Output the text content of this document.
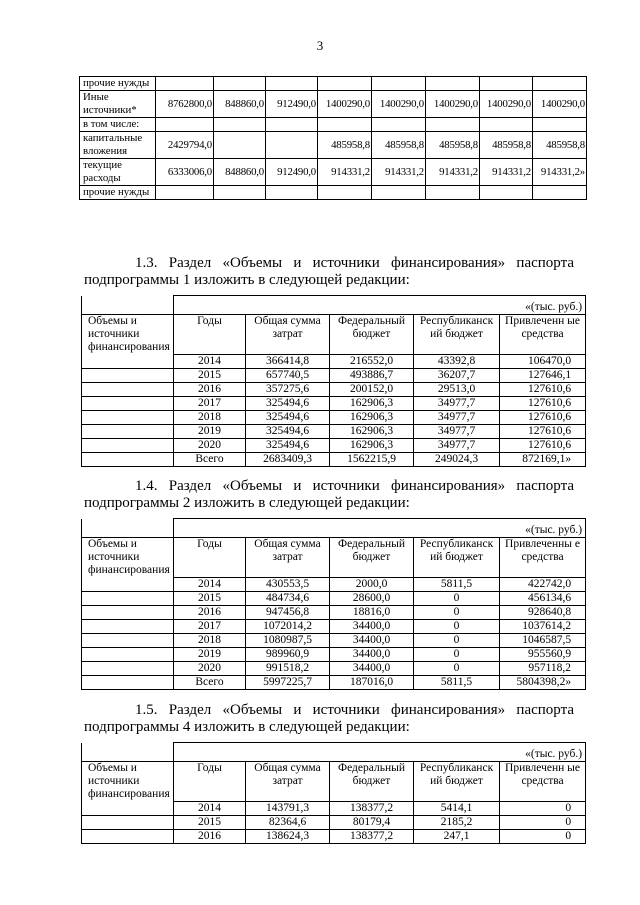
3
прочие нужды								
Иные источники*	8762800,0	848860,0	912490,0	1400290,0	1400290,0	1400290,0	1400290,0	1400290,0
в том числе:								
капитальные вложения	2429794,0			485958,8	485958,8	485958,8	485958,8	485958,8
текущие расходы	6333006,0	848860,0	912490,0	914331,2	914331,2	914331,2	914331,2	914331,2»
прочие нужды								
1.3. Раздел «Объемы и источники финансирования» паспорта
подпрограммы 1 изложить в следующей редакции:
	«(тыс. руб.)				
Объемы и источники финансирования	Годы	Общая сумма затрат	Федеральный бюджет	Республиканск ий бюджет	Привлеченн ые средства
	2014	366414,8	216552,0	43392,8	106470,0
	2015	657740,5	493886,7	36207,7	127646,1
	2016	357275,6	200152,0	29513,0	127610,6
	2017	325494,6	162906,3	34977,7	127610,6
	2018	325494,6	162906,3	34977,7	127610,6
	2019	325494,6	162906,3	34977,7	127610,6
	2020	325494,6	162906,3	34977,7	127610,6
	Всего	2683409,3	1562215,9	249024,3	872169,1»
1.4. Раздел «Объемы и источники финансирования» паспорта
подпрограммы 2 изложить в следующей редакции:
	«(тыс. руб.)				
Объемы и источники финансирования	Годы	Общая сумма затрат	Федеральный бюджет	Республиканск ий бюджет	Привлеченны е средства
	2014	430553,5	2000,0	5811,5	422742,0
	2015	484734,6	28600,0	0	456134,6
	2016	947456,8	18816,0	0	928640,8
	2017	1072014,2	34400,0	0	1037614,2
	2018	1080987,5	34400,0	0	1046587,5
	2019	989960,9	34400,0	0	955560,9
	2020	991518,2	34400,0	0	957118,2
	Всего	5997225,7	187016,0	5811,5	5804398,2»
1.5. Раздел «Объемы и источники финансирования» паспорта
подпрограммы 4 изложить в следующей редакции:
	«(тыс. руб.)				
Объемы и источники финансирования	Годы	Общая сумма затрат	Федеральный бюджет	Республиканск ий бюджет	Привлеченн ые средства
	2014	143791,3	138377,2	5414,1	0
	2015	82364,6	80179,4	2185,2	0
	2016	138624,3	138377,2	247,1	0
